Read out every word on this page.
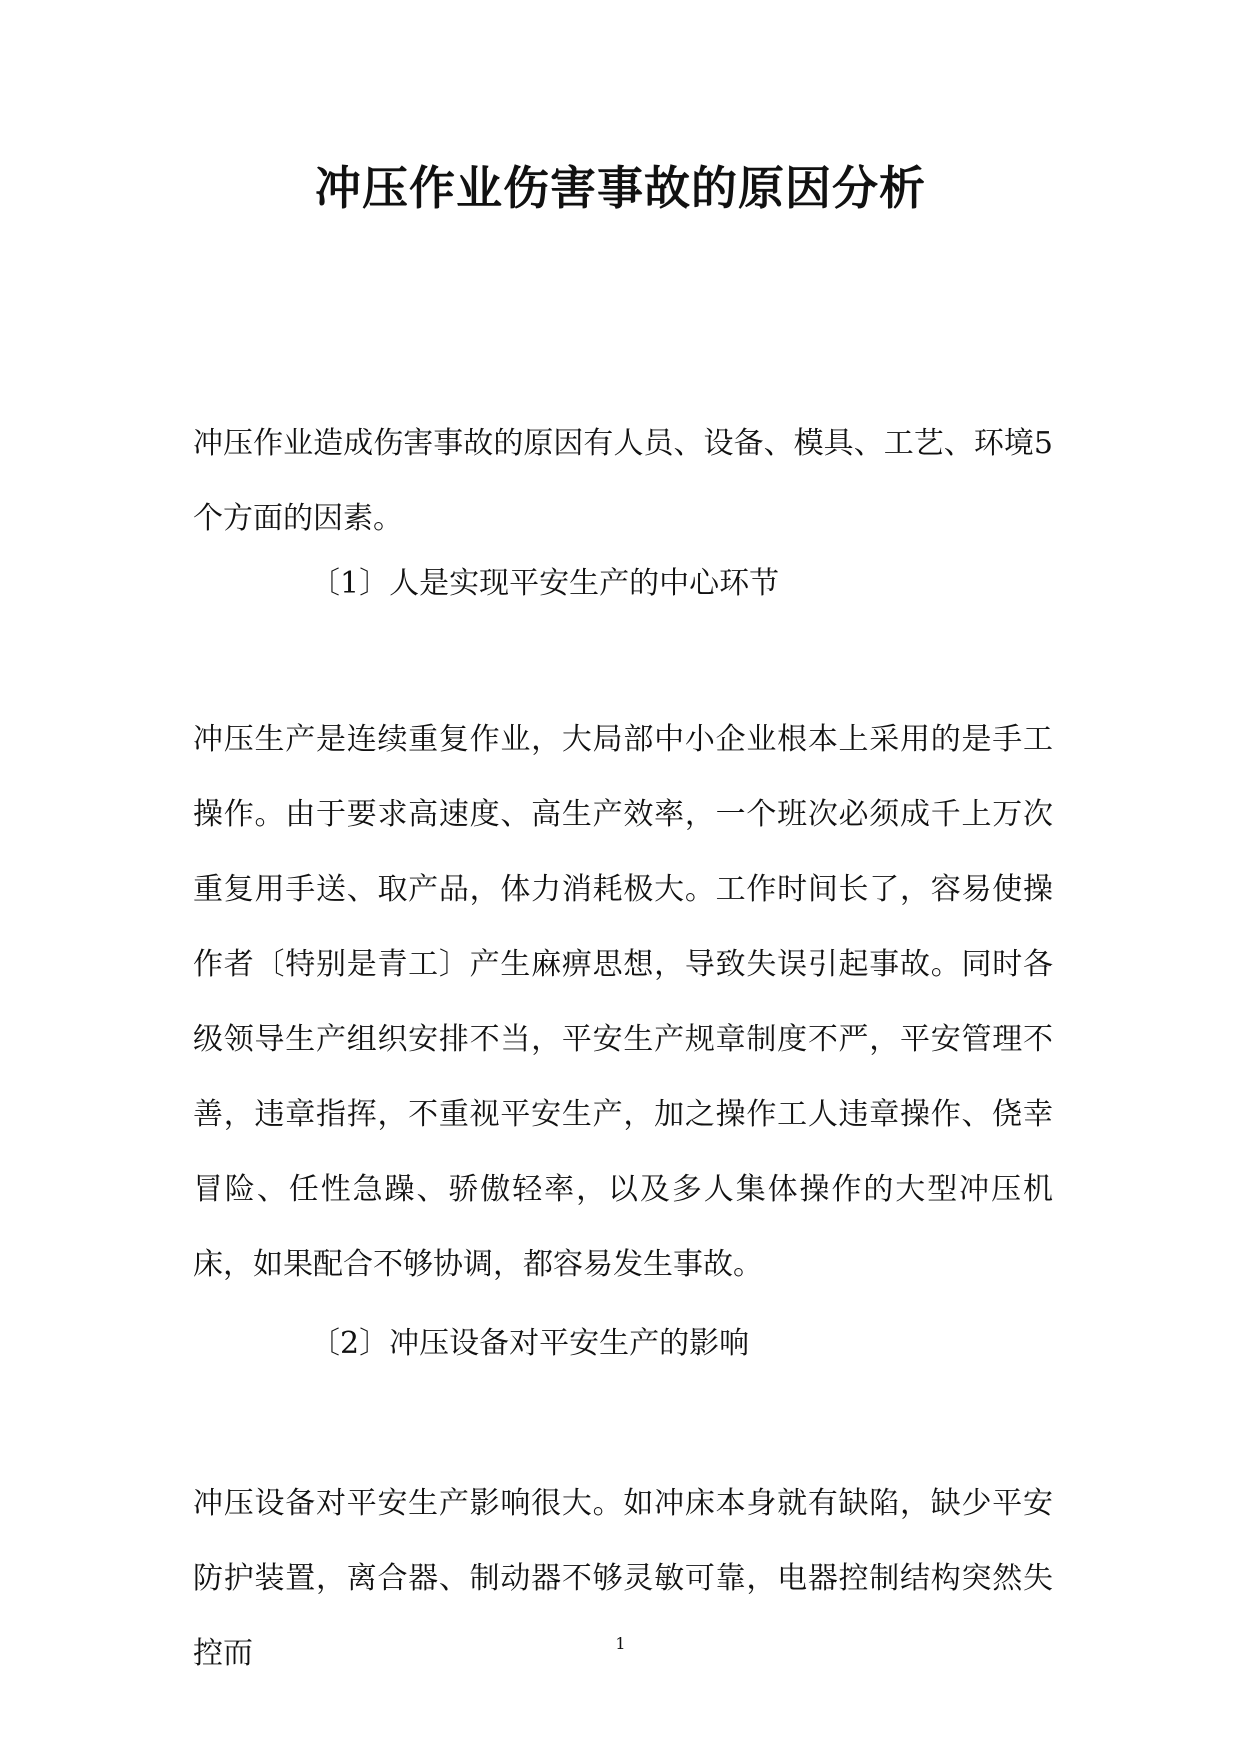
冲压作业伤害事故的原因分析

冲压作业造成伤害事故的原因有人员、设备、模具、工艺、环境5个方面的因素。

〔1〕人是实现平安生产的中心环节

冲压生产是连续重复作业，大局部中小企业根本上采用的是手工操作。由于要求高速度、高生产效率，一个班次必须成千上万次重复用手送、取产品，体力消耗极大。工作时间长了，容易使操作者〔特别是青工〕产生麻痹思想，导致失误引起事故。同时各级领导生产组织安排不当，平安生产规章制度不严，平安管理不善，违章指挥，不重视平安生产，加之操作工人违章操作、侥幸冒险、任性急躁、骄傲轻率，以及多人集体操作的大型冲压机床，如果配合不够协调，都容易发生事故。

〔2〕冲压设备对平安生产的影响

冲压设备对平安生产影响很大。如冲床本身就有缺陷，缺少平安防护装置，离合器、制动器不够灵敏可靠，电器控制结构突然失控而	1
